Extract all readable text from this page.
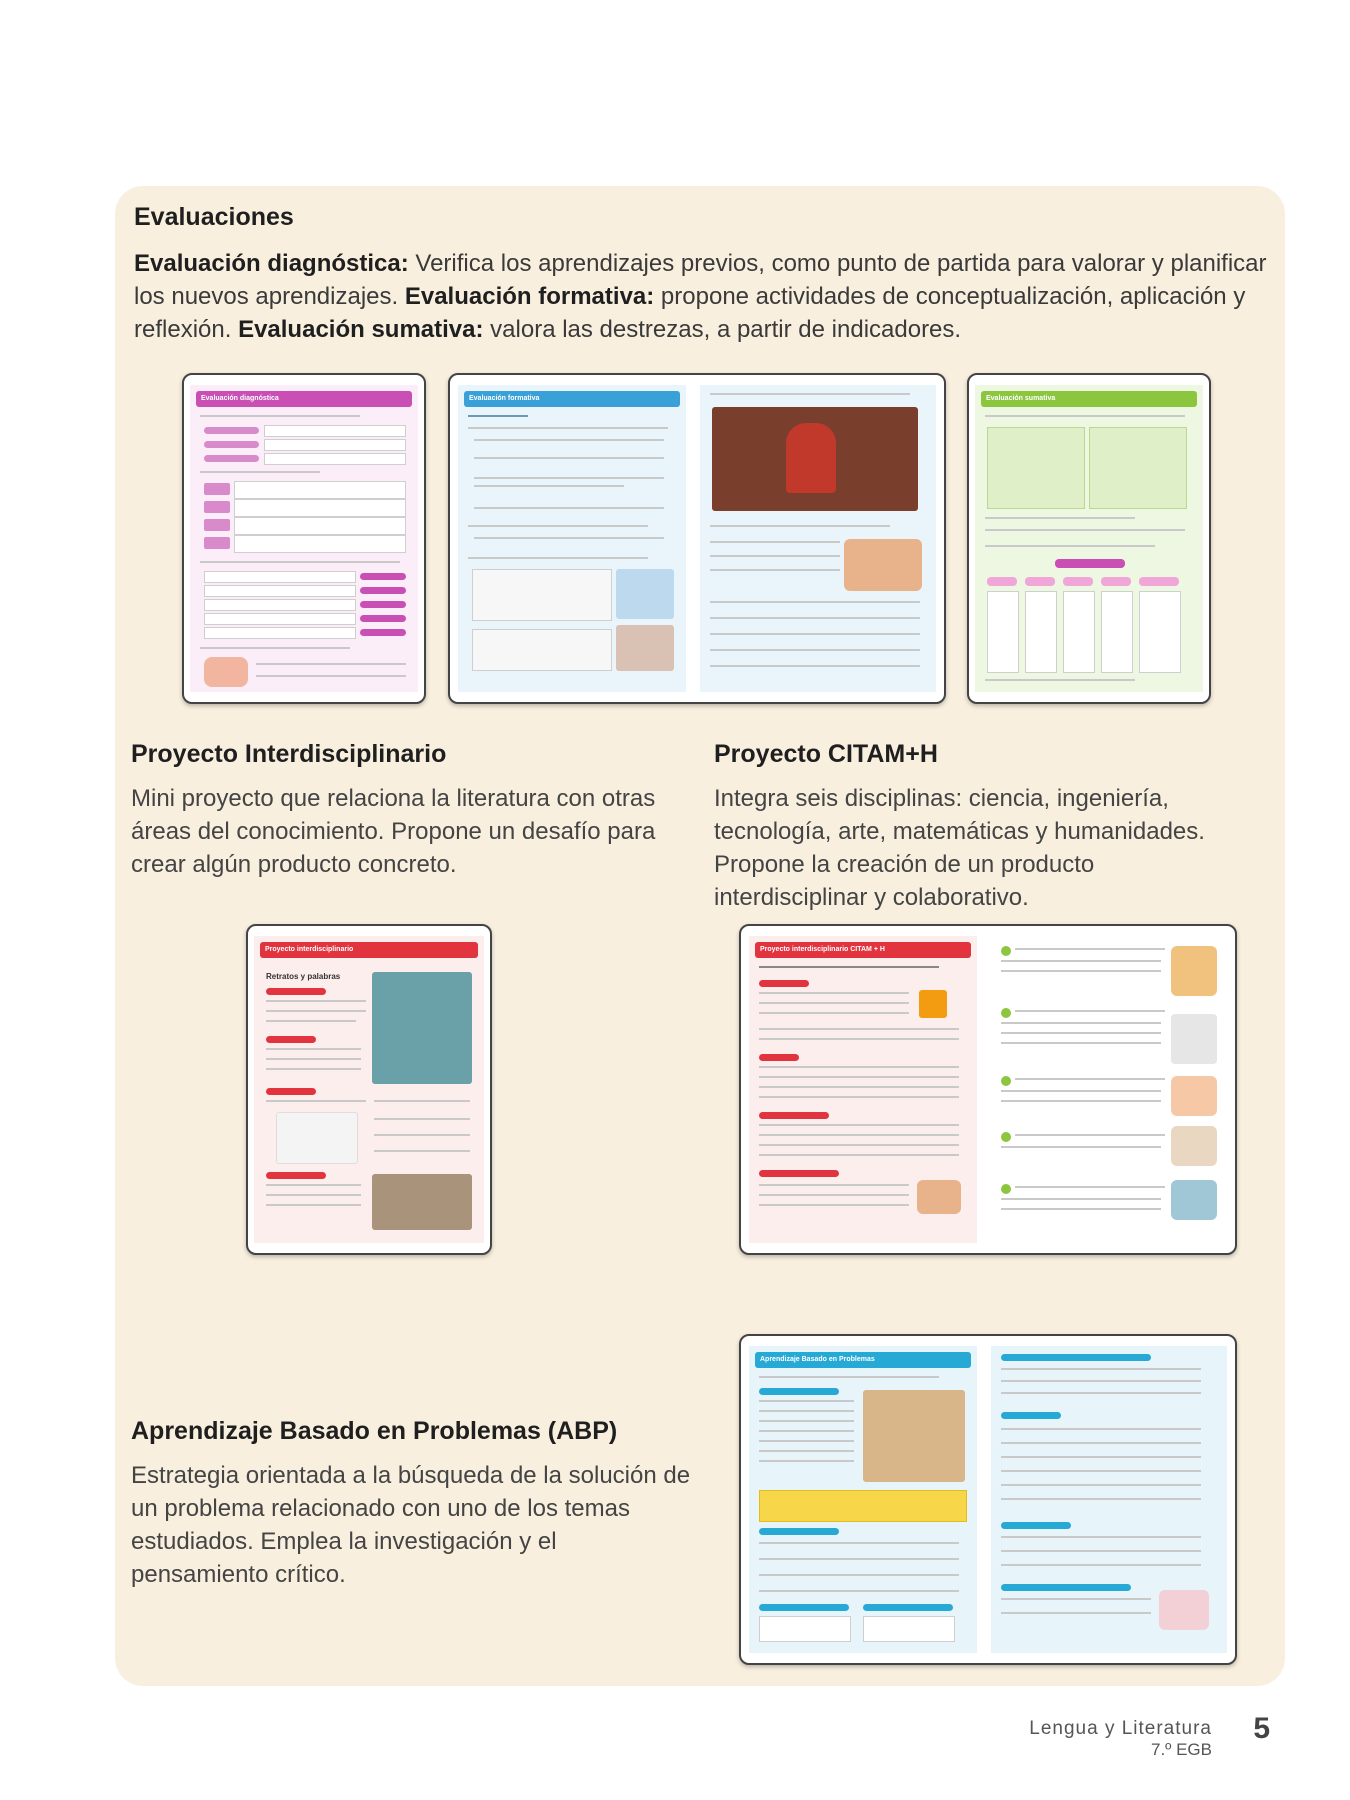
Evaluaciones
Evaluación diagnóstica: Verifica los aprendizajes previos, como punto de partida para valorar y planificar los nuevos aprendizajes. Evaluación formativa: propone actividades de conceptualización, aplicación y reflexión. Evaluación sumativa: valora las destrezas, a partir de indicadores.
Evaluación diagnóstica	Evaluación formativa	Evaluación sumativa
Proyecto Interdisciplinario
Mini proyecto que relaciona la literatura con otras áreas del conocimiento. Propone un desafío para crear algún producto concreto.
Proyecto interdisciplinario
Retratos y palabras
Proyecto CITAM+H
Integra seis disciplinas: ciencia, ingeniería, tecnología, arte, matemáticas y humanidades. Propone la creación de un producto interdisciplinar y colaborativo.
Proyecto interdisciplinario CITAM + H
Aprendizaje Basado en Problemas (ABP)
Estrategia orientada a la búsqueda de la solución de un problema relacionado con uno de los temas estudiados. Emplea la investigación y el pensamiento crítico.
Aprendizaje Basado en Problemas
Lengua y Literatura
7.º EGB
5
